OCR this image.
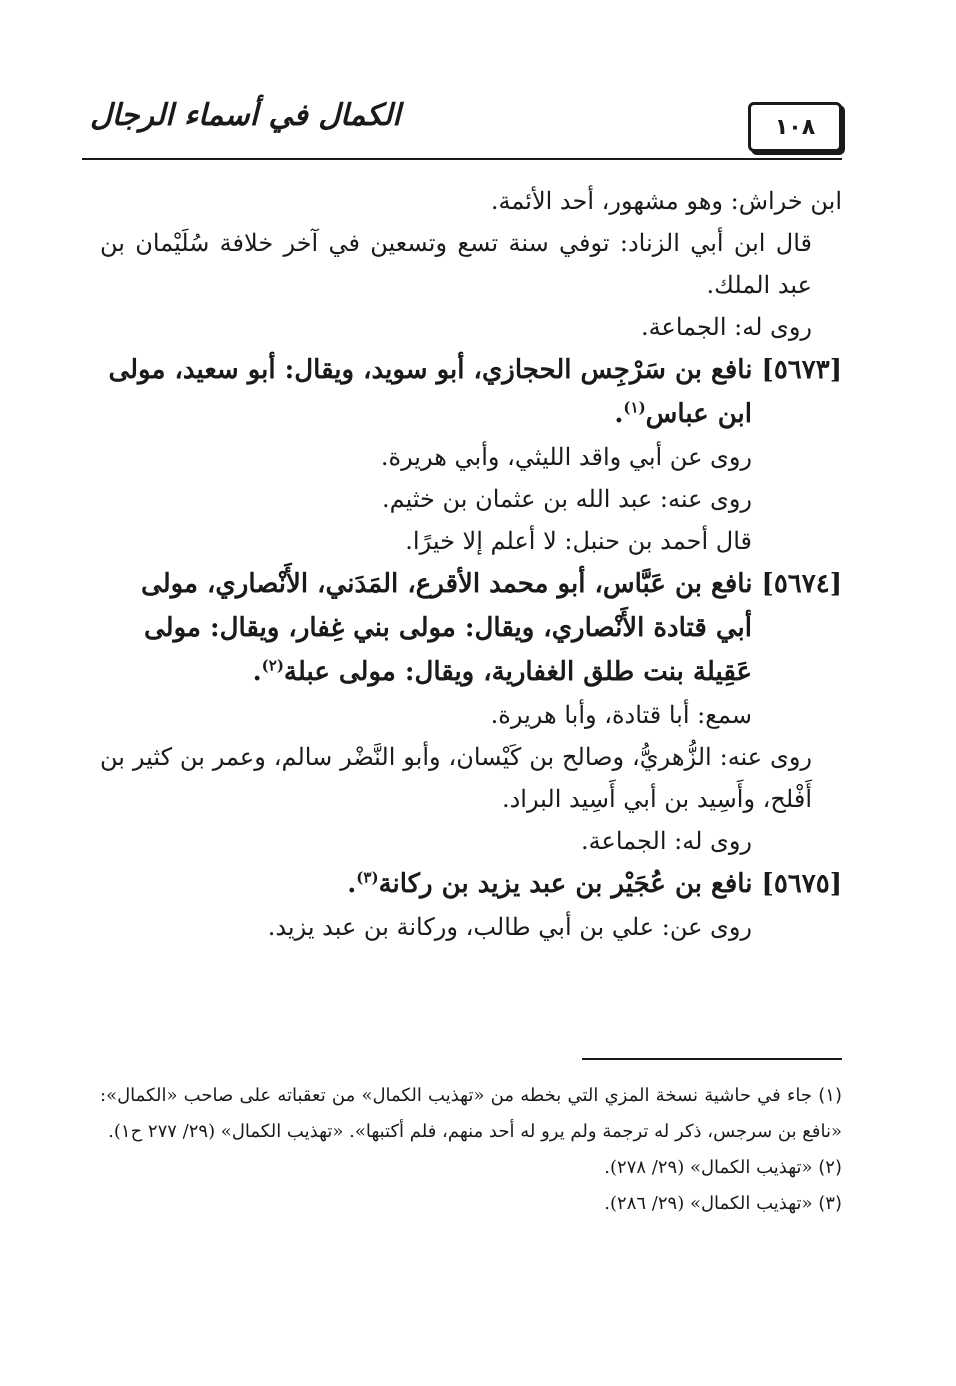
الكمال في أسماء الرجال	١٠٨

ابن خراش: وهو مشهور، أحد الأئمة.

قال ابن أبي الزناد: توفي سنة تسع وتسعين في آخر خلافة سُلَيْمان بن عبد الملك.

روى له: الجماعة.

[٥٦٧٣] نافع بن سَرْجِس الحجازي، أبو سويد، ويقال: أبو سعيد، مولى
ابن عباس$^{(١)}$.

روى عن أبي واقد الليثي، وأبي هريرة.

روى عنه: عبد الله بن عثمان بن خثيم.

قال أحمد بن حنبل: لا أعلم إلا خيرًا.

[٥٦٧٤] نافع بن عَبَّاس، أبو محمد الأقرع، المَدَني، الأَنْصاري، مولى
أبي قتادة الأَنْصاري، ويقال: مولى بني غِفار، ويقال: مولى
عَقِيلة بنت طلق الغفارية، ويقال: مولى عبلة$^{(٢)}$.

سمع: أبا قتادة، وأبا هريرة.

روى عنه: الزُّهريُّ، وصالح بن كَيْسان، وأبو النَّضْر سالم، وعمر بن كثير بن أَفْلح، وأَسِيد بن أبي أَسِيد البراد.

روى له: الجماعة.

[٥٦٧٥] نافع بن عُجَيْر بن عبد يزيد بن ركانة$^{(٣)}$.

روى عن: علي بن أبي طالب، وركانة بن عبد يزيد.

(١) جاء في حاشية نسخة المزي التي بخطه من «تهذيب الكمال» من تعقباته على صاحب «الكمال»: «نافع بن سرجس، ذكر له ترجمة ولم يرو له أحد منهم، فلم أكتبها». «تهذيب الكمال» (٢٩/ ٢٧٧ ح١).

(٢) «تهذيب الكمال» (٢٩/ ٢٧٨).

(٣) «تهذيب الكمال» (٢٩/ ٢٨٦).
